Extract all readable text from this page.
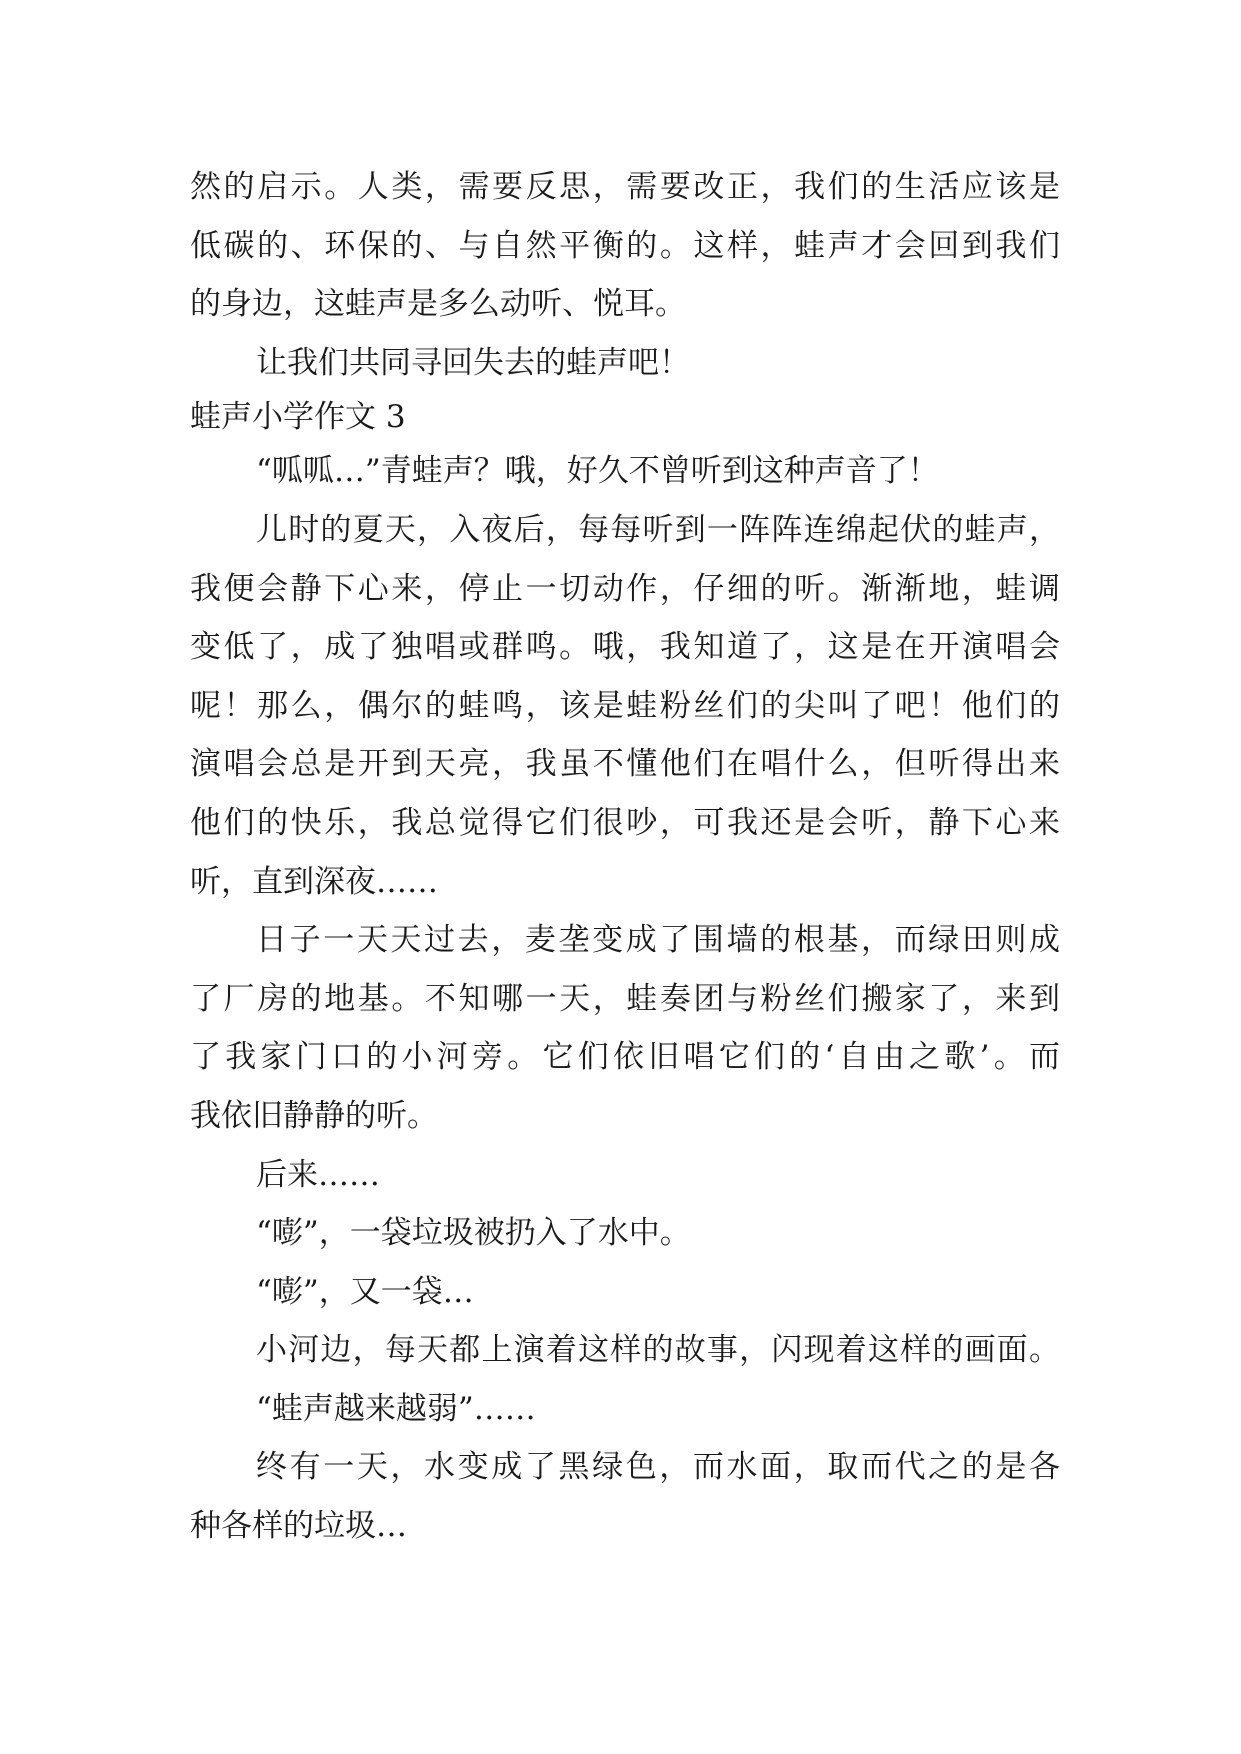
然的启示。人类，需要反思，需要改正，我们的生活应该是
低碳的、环保的、与自然平衡的。这样，蛙声才会回到我们
的身边，这蛙声是多么动听、悦耳。
让我们共同寻回失去的蛙声吧！
蛙声小学作文 3
“呱呱…”青蛙声？哦，好久不曾听到这种声音了！
儿时的夏天，入夜后，每每听到一阵阵连绵起伏的蛙声，
我便会静下心来，停止一切动作，仔细的听。渐渐地，蛙调
变低了，成了独唱或群鸣。哦，我知道了，这是在开演唱会
呢！那么，偶尔的蛙鸣，该是蛙粉丝们的尖叫了吧！他们的
演唱会总是开到天亮，我虽不懂他们在唱什么，但听得出来
他们的快乐，我总觉得它们很吵，可我还是会听，静下心来
听，直到深夜……
日子一天天过去，麦垄变成了围墙的根基，而绿田则成
了厂房的地基。不知哪一天，蛙奏团与粉丝们搬家了，来到
了我家门口的小河旁。它们依旧唱它们的‘自由之歌’。而
我依旧静静的听。
后来……
“嘭”，一袋垃圾被扔入了水中。
“嘭”，又一袋…
小河边，每天都上演着这样的故事，闪现着这样的画面。
“蛙声越来越弱”……
终有一天，水变成了黑绿色，而水面，取而代之的是各
种各样的垃圾…
